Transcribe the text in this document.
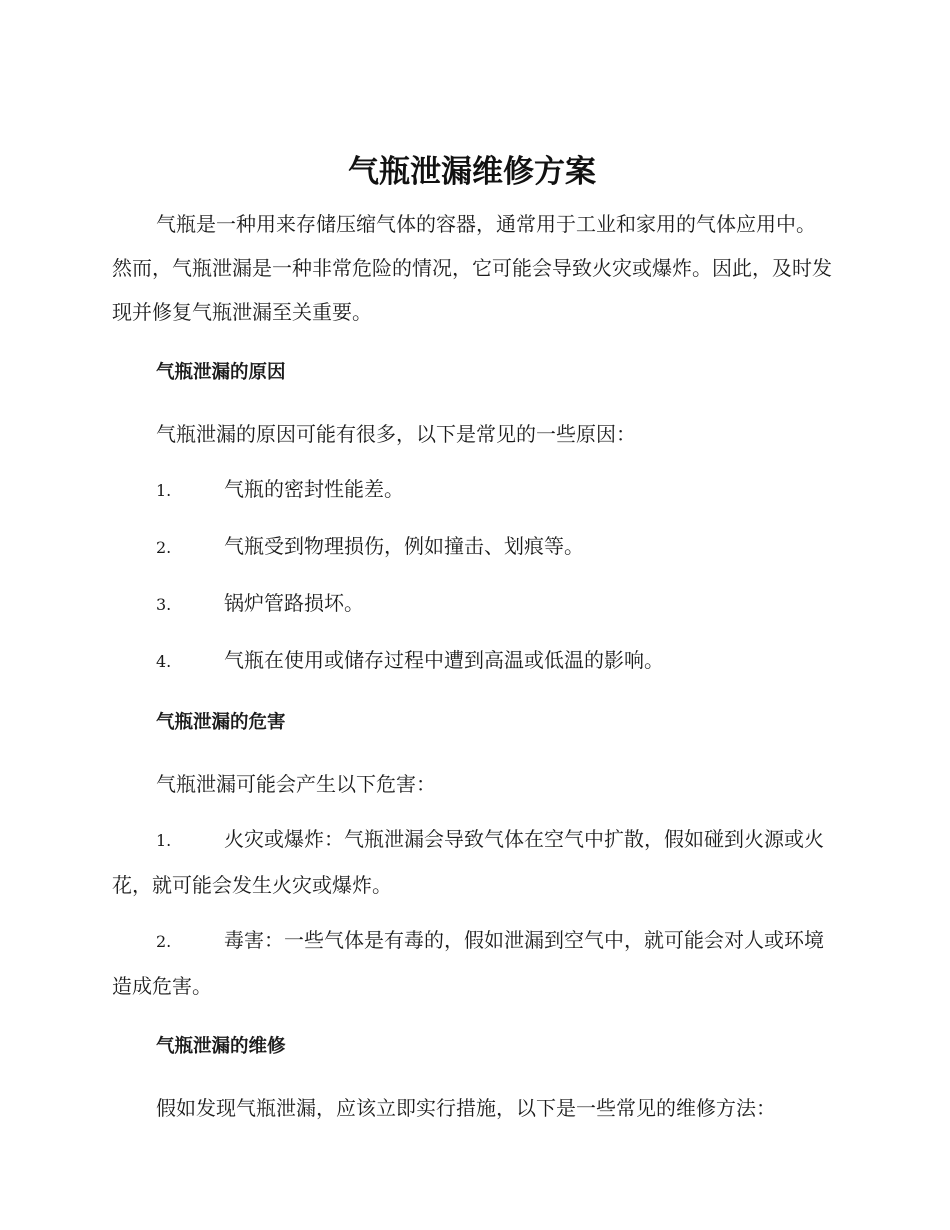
气瓶泄漏维修方案

气瓶是一种用来存储压缩气体的容器，通常用于工业和家用的气体应用中。然而，气瓶泄漏是一种非常危险的情况，它可能会导致火灾或爆炸。因此，及时发现并修复气瓶泄漏至关重要。

气瓶泄漏的原因

气瓶泄漏的原因可能有很多，以下是常见的一些原因：

1.	气瓶的密封性能差。
2.	气瓶受到物理损伤，例如撞击、划痕等。
3.	锅炉管路损坏。
4.	气瓶在使用或储存过程中遭到高温或低温的影响。
气瓶泄漏的危害

气瓶泄漏可能会产生以下危害：

1.	火灾或爆炸：气瓶泄漏会导致气体在空气中扩散，假如碰到火源或火花，就可能会发生火灾或爆炸。
2.	毒害：一些气体是有毒的，假如泄漏到空气中，就可能会对人或环境造成危害。
气瓶泄漏的维修

假如发现气瓶泄漏，应该立即实行措施，以下是一些常见的维修方法：
